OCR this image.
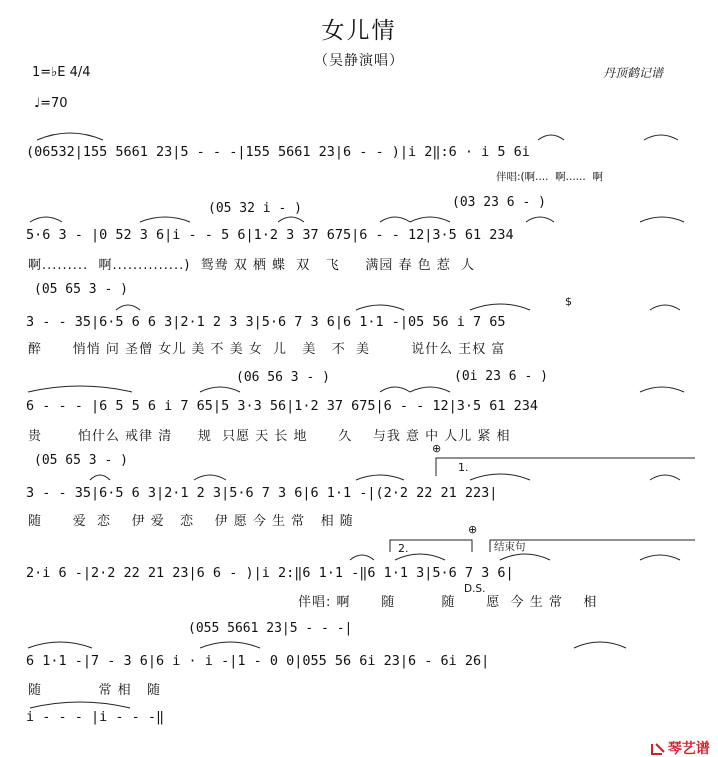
女儿情
（吴静演唱）
1=♭E 4/4
♩=70
丹顶鹤记谱
(06532|155 5661 23|5 - - -|155 5661 23|6 - - )|i 2‖:6 · i 5 6i
伴唱:(啊....  啊......  啊
(05 32 i - )	(03 23 6 - )
5·6 3 - |0 52 3 6|i - - 5 6|1·2 3 37 675|6 - - 12|3·5 61 234
啊.........  啊..............)  鸳鸯 双 栖 蝶  双   飞     满园 春 色 惹  人
(05 65 3 - )
$
3 - - 35|6·5 6 6 3|2·1 2 3 3|5·6 7 3 6|6 1·1 -|05 56 i 7 65
醉      悄悄 问 圣僧 女儿 美 不 美 女  儿   美   不  美        说什么 王权 富
(06 56 3 - )	(0i 23 6 - )
6 - - - |6 5 5 6 i 7 65|5 3·3 56|1·2 37 675|6 - - 12|3·5 61 234
贵       怕什么 戒律 清     规  只愿 天 长 地      久    与我 意 中 人儿 紧 相
(05 65 3 - )
⊕
1.
3 - - 35|6·5 6 3|2·1 2 3|5·6 7 3 6|6 1·1 -|(2·2 22 21 223|
随      爱  恋    伊 爱   恋    伊 愿 今 生 常   相 随
⊕
2.	结束句
D.S.
2·i 6 -|2·2 22 21 23|6 6 - )|i 2:‖6 1·1 -‖6 1·1 3|5·6 7 3 6|
伴唱: 啊      随         随      愿  今 生 常    相
(055 5661 23|5 - - -|
6 1·1 -|7 - 3 6|6 i · i -|1 - 0 0|055 56 6i 23|6 - 6i 26|
随           常 相   随
i - - - |i - - -‖

琴艺谱
